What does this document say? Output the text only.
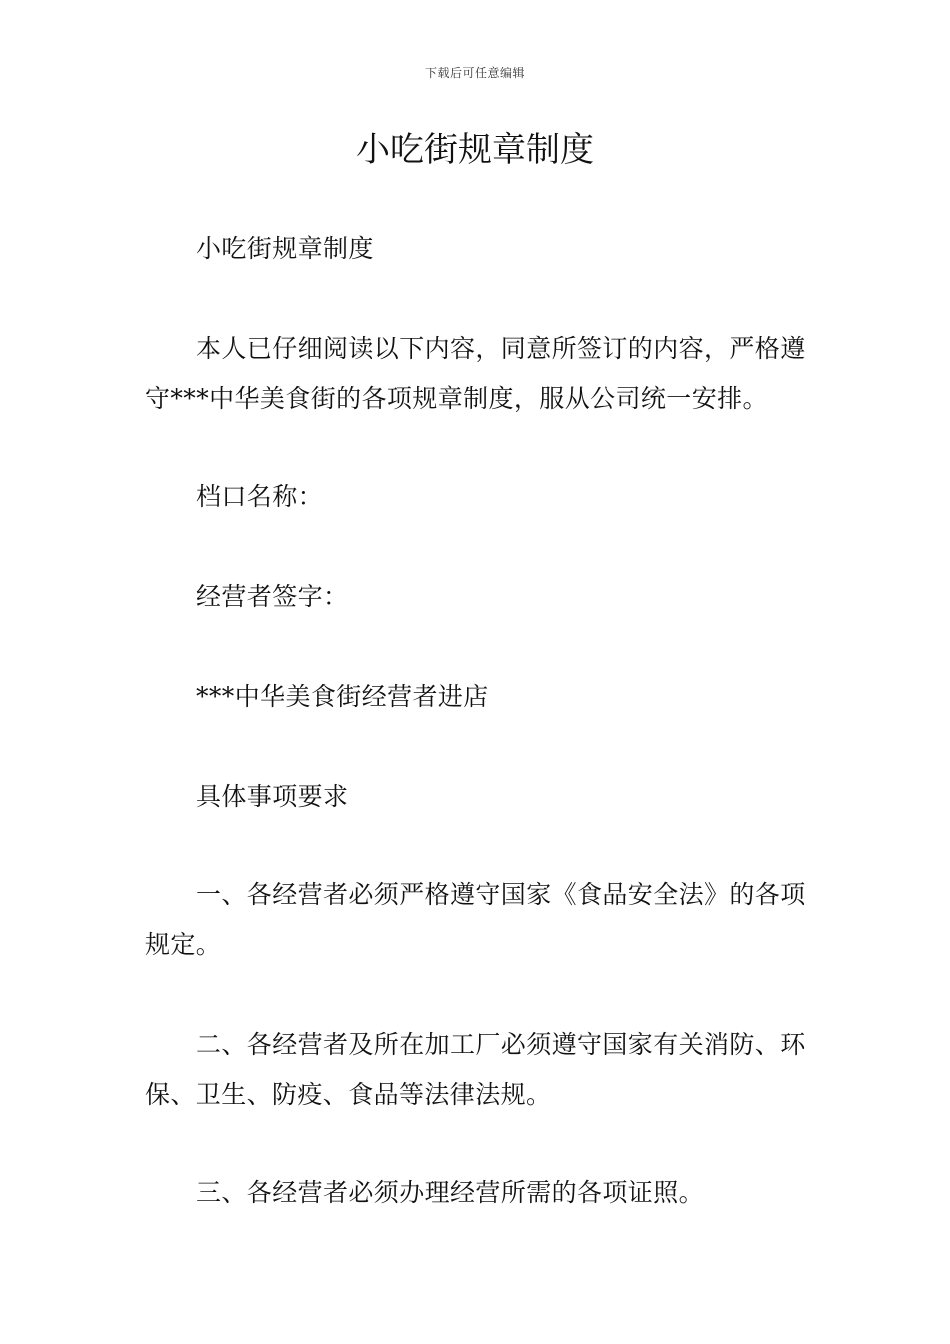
下载后可任意编辑
小吃街规章制度

小吃街规章制度

本人已仔细阅读以下内容，同意所签订的内容，严格遵守***中华美食街的各项规章制度，服从公司统一安排。

档口名称：

经营者签字：

***中华美食街经营者进店

具体事项要求

一、各经营者必须严格遵守国家《食品安全法》的各项规定。

二、各经营者及所在加工厂必须遵守国家有关消防、环保、卫生、防疫、食品等法律法规。

三、各经营者必须办理经营所需的各项证照。
